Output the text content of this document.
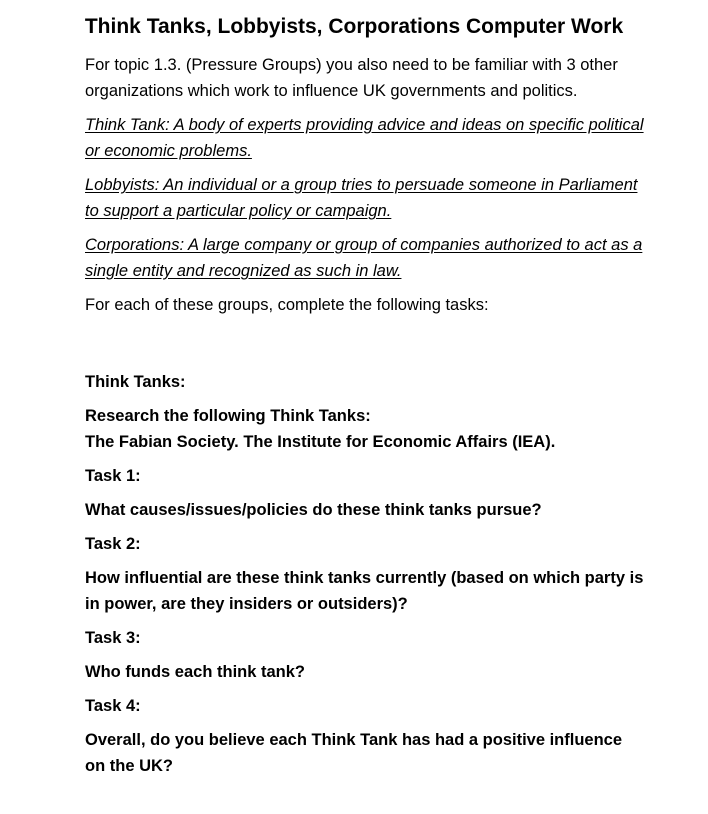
Think Tanks, Lobbyists, Corporations Computer Work

For topic 1.3. (Pressure Groups) you also need to be familiar with 3 other organizations which work to influence UK governments and politics.

Think Tank: A body of experts providing advice and ideas on specific political or economic problems.

Lobbyists: An individual or a group tries to persuade someone in Parliament to support a particular policy or campaign.

Corporations: A large company or group of companies authorized to act as a single entity and recognized as such in law.

For each of these groups, complete the following tasks:

Think Tanks:

Research the following Think Tanks:

The Fabian Society. The Institute for Economic Affairs (IEA).

Task 1:

What causes/issues/policies do these think tanks pursue?

Task 2:

How influential are these think tanks currently (based on which party is in power, are they insiders or outsiders)?

Task 3:

Who funds each think tank?

Task 4:

Overall, do you believe each Think Tank has had a positive influence on the UK?
